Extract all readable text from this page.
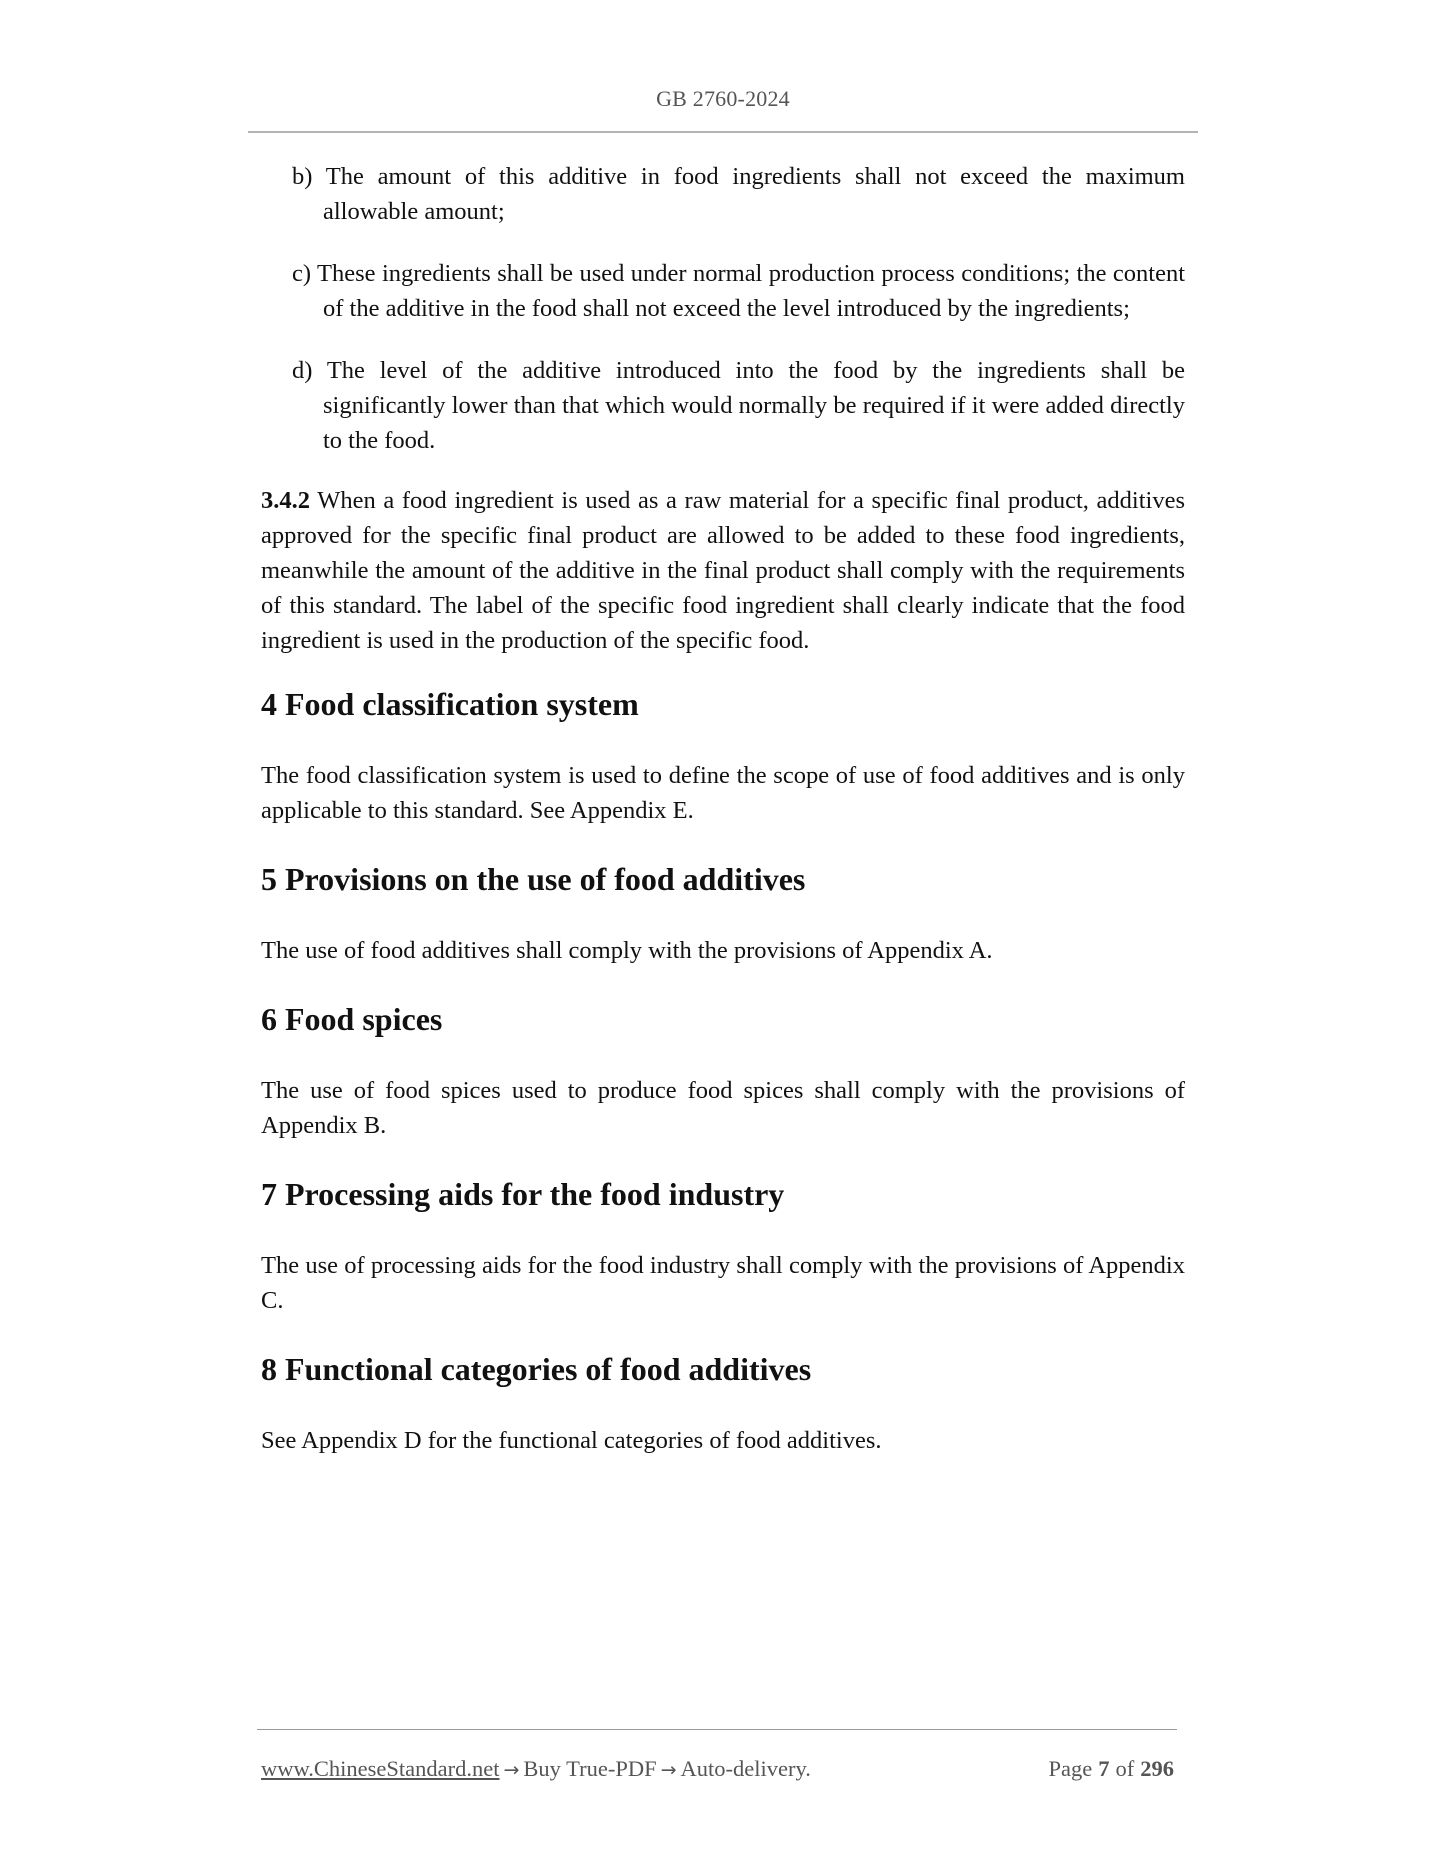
GB 2760-2024

b) The amount of this additive in food ingredients shall not exceed the maximum allowable amount;

c) These ingredients shall be used under normal production process conditions; the content of the additive in the food shall not exceed the level introduced by the ingredients;

d) The level of the additive introduced into the food by the ingredients shall be significantly lower than that which would normally be required if it were added directly to the food.

3.4.2 When a food ingredient is used as a raw material for a specific final product, additives approved for the specific final product are allowed to be added to these food ingredients, meanwhile the amount of the additive in the final product shall comply with the requirements of this standard. The label of the specific food ingredient shall clearly indicate that the food ingredient is used in the production of the specific food.

4 Food classification system

The food classification system is used to define the scope of use of food additives and is only applicable to this standard. See Appendix E.

5 Provisions on the use of food additives

The use of food additives shall comply with the provisions of Appendix A.

6 Food spices

The use of food spices used to produce food spices shall comply with the provisions of Appendix B.

7 Processing aids for the food industry

The use of processing aids for the food industry shall comply with the provisions of Appendix C.

8 Functional categories of food additives

See Appendix D for the functional categories of food additives.

www.ChineseStandard.net → Buy True-PDF → Auto-delivery.	Page 7 of 296
